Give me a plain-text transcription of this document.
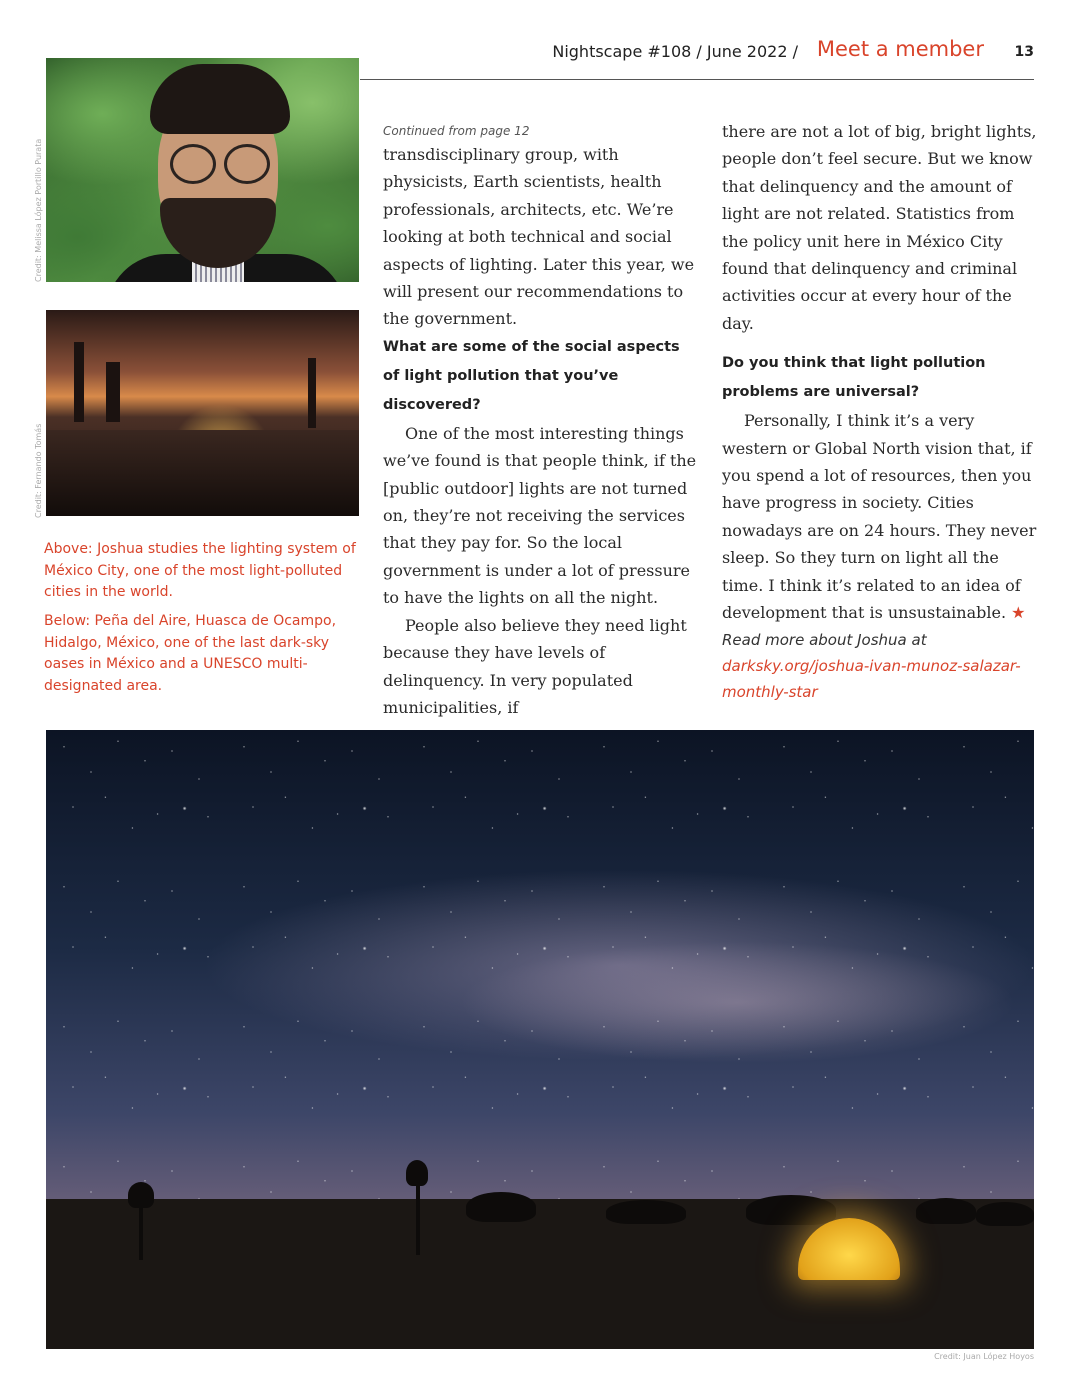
Nightscape #108 / June 2022 / Meet a member 13
Credit: Melissa López Portillo Purata
Credit: Fernando Tomás
Above: Joshua studies the lighting system of México City, one of the most light-polluted cities in the world.
Below: Peña del Aire, Huasca de Ocampo, Hidalgo, México, one of the last dark-sky oases in México and a UNESCO multi-designated area.

Continued from page 12

transdisciplinary group, with physicists, Earth scientists, health professionals, architects, etc. We’re looking at both technical and social aspects of lighting. Later this year, we will present our recommendations to the government.

What are some of the social aspects of light pollution that you’ve discovered?

One of the most interesting things we’ve found is that people think, if the [public outdoor] lights are not turned on, they’re not receiving the services that they pay for. So the local government is under a lot of pressure to have the lights on all the night.

People also believe they need light because they have levels of delinquency. In very populated municipalities, if

there are not a lot of big, bright lights, people don’t feel secure. But we know that delinquency and the amount of light are not related. Statistics from the policy unit here in México City found that delinquency and criminal activities occur at every hour of the day.

Do you think that light pollution problems are universal?

Personally, I think it’s a very western or Global North vision that, if you spend a lot of resources, then you have progress in society. Cities nowadays are on 24 hours. They never sleep. So they turn on light all the time. I think it’s related to an idea of development that is unsustainable. ★

Read more about Joshua at darksky.org/joshua-ivan-munoz-salazar-monthly-star

Credit: Juan López Hoyos
